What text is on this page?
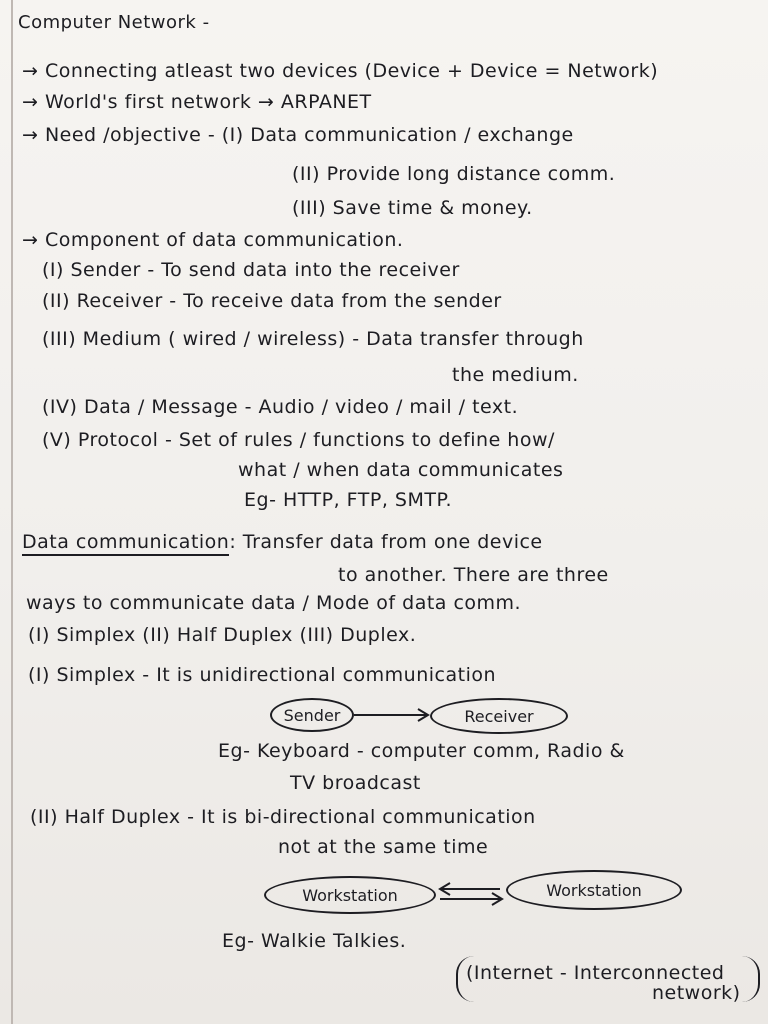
Computer Network -
→ Connecting atleast two devices (Device + Device = Network)
→ World's first network → ARPANET
→ Need /objective - (I) Data communication / exchange
(II) Provide long distance comm.
(III) Save time & money.
→ Component of data communication.
(I) Sender - To send data into the receiver
(II) Receiver - To receive data from the sender
(III) Medium ( wired / wireless) - Data transfer through
the medium.
(IV) Data / Message - Audio / video / mail / text.
(V) Protocol - Set of rules / functions to define how/
what / when data communicates
Eg- HTTP, FTP, SMTP.
Data communication: Transfer data from one device
to another. There are three
ways to communicate data / Mode of data comm.
(I) Simplex (II) Half Duplex (III) Duplex.
(I) Simplex - It is unidirectional communication
Sender	Receiver
Eg- Keyboard - computer comm, Radio &
TV broadcast
(II) Half Duplex - It is bi-directional communication
not at the same time
Workstation	Workstation
Eg- Walkie Talkies.
(Internet - Interconnected
network)
